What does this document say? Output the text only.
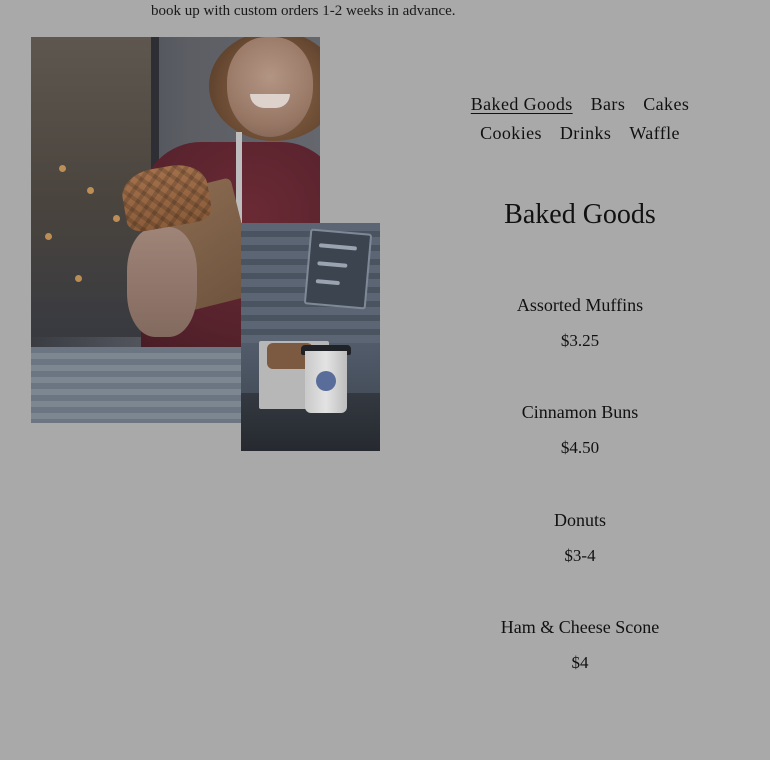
book up with custom orders 1-2 weeks in advance.

Baked Goods Bars Cakes
Cookies Drinks Waffle
Baked Goods

Assorted Muffins

$3.25

Cinnamon Buns

$4.50

Donuts

$3-4

Ham & Cheese Scone

$4
